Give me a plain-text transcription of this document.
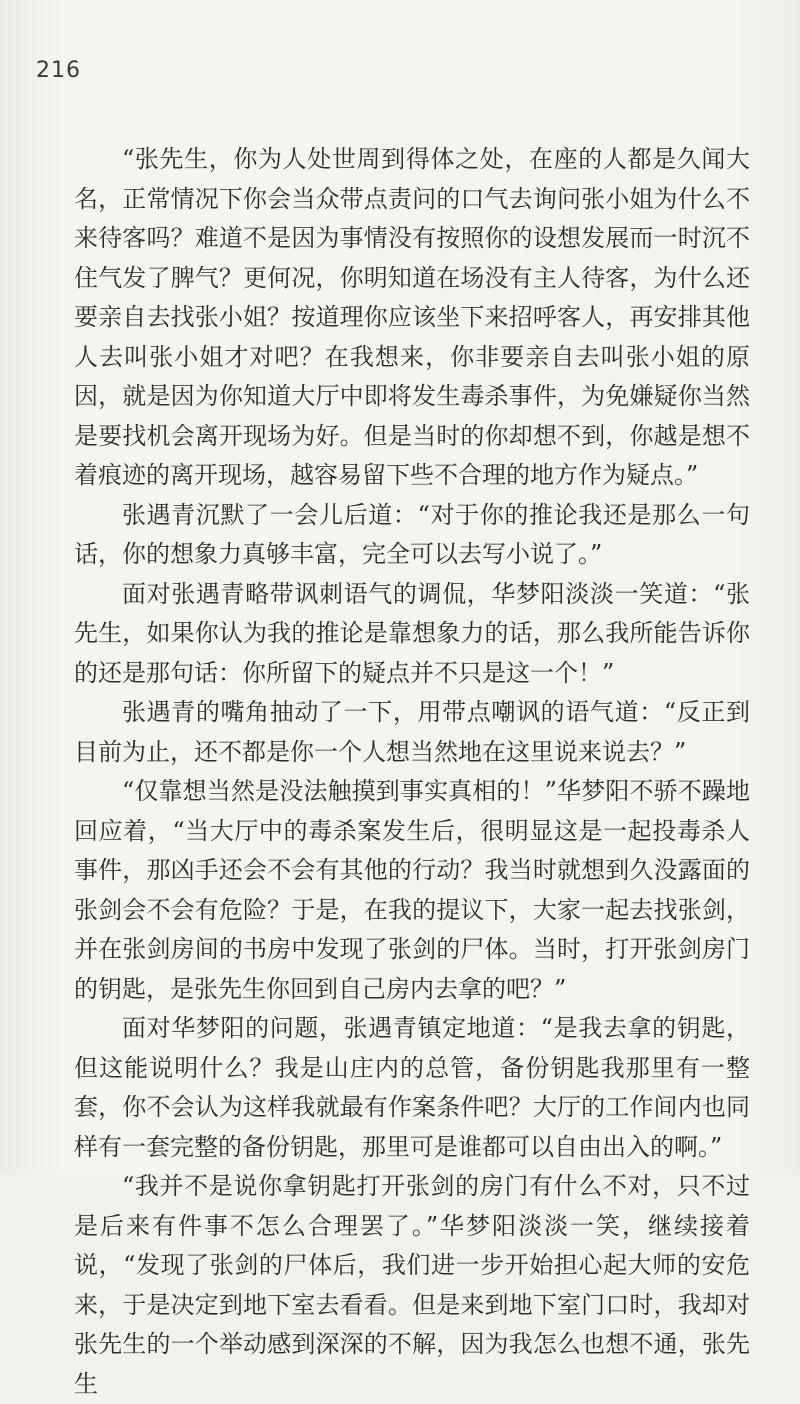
216

“张先生，你为人处世周到得体之处，在座的人都是久闻大名，正常情况下你会当众带点责问的口气去询问张小姐为什么不来待客吗？难道不是因为事情没有按照你的设想发展而一时沉不住气发了脾气？更何况，你明知道在场没有主人待客，为什么还要亲自去找张小姐？按道理你应该坐下来招呼客人，再安排其他人去叫张小姐才对吧？在我想来，你非要亲自去叫张小姐的原因，就是因为你知道大厅中即将发生毒杀事件，为免嫌疑你当然是要找机会离开现场为好。但是当时的你却想不到，你越是想不着痕迹的离开现场，越容易留下些不合理的地方作为疑点。”

张遇青沉默了一会儿后道：“对于你的推论我还是那么一句话，你的想象力真够丰富，完全可以去写小说了。”

面对张遇青略带讽刺语气的调侃，华梦阳淡淡一笑道：“张先生，如果你认为我的推论是靠想象力的话，那么我所能告诉你的还是那句话：你所留下的疑点并不只是这一个！”

张遇青的嘴角抽动了一下，用带点嘲讽的语气道：“反正到目前为止，还不都是你一个人想当然地在这里说来说去？”

“仅靠想当然是没法触摸到事实真相的！”华梦阳不骄不躁地回应着，“当大厅中的毒杀案发生后，很明显这是一起投毒杀人事件，那凶手还会不会有其他的行动？我当时就想到久没露面的张剑会不会有危险？于是，在我的提议下，大家一起去找张剑，并在张剑房间的书房中发现了张剑的尸体。当时，打开张剑房门的钥匙，是张先生你回到自己房内去拿的吧？”

面对华梦阳的问题，张遇青镇定地道：“是我去拿的钥匙，但这能说明什么？我是山庄内的总管，备份钥匙我那里有一整套，你不会认为这样我就最有作案条件吧？大厅的工作间内也同样有一套完整的备份钥匙，那里可是谁都可以自由出入的啊。”

“我并不是说你拿钥匙打开张剑的房门有什么不对，只不过是后来有件事不怎么合理罢了。”华梦阳淡淡一笑，继续接着说，“发现了张剑的尸体后，我们进一步开始担心起大师的安危来，于是决定到地下室去看看。但是来到地下室门口时，我却对张先生的一个举动感到深深的不解，因为我怎么也想不通，张先生
